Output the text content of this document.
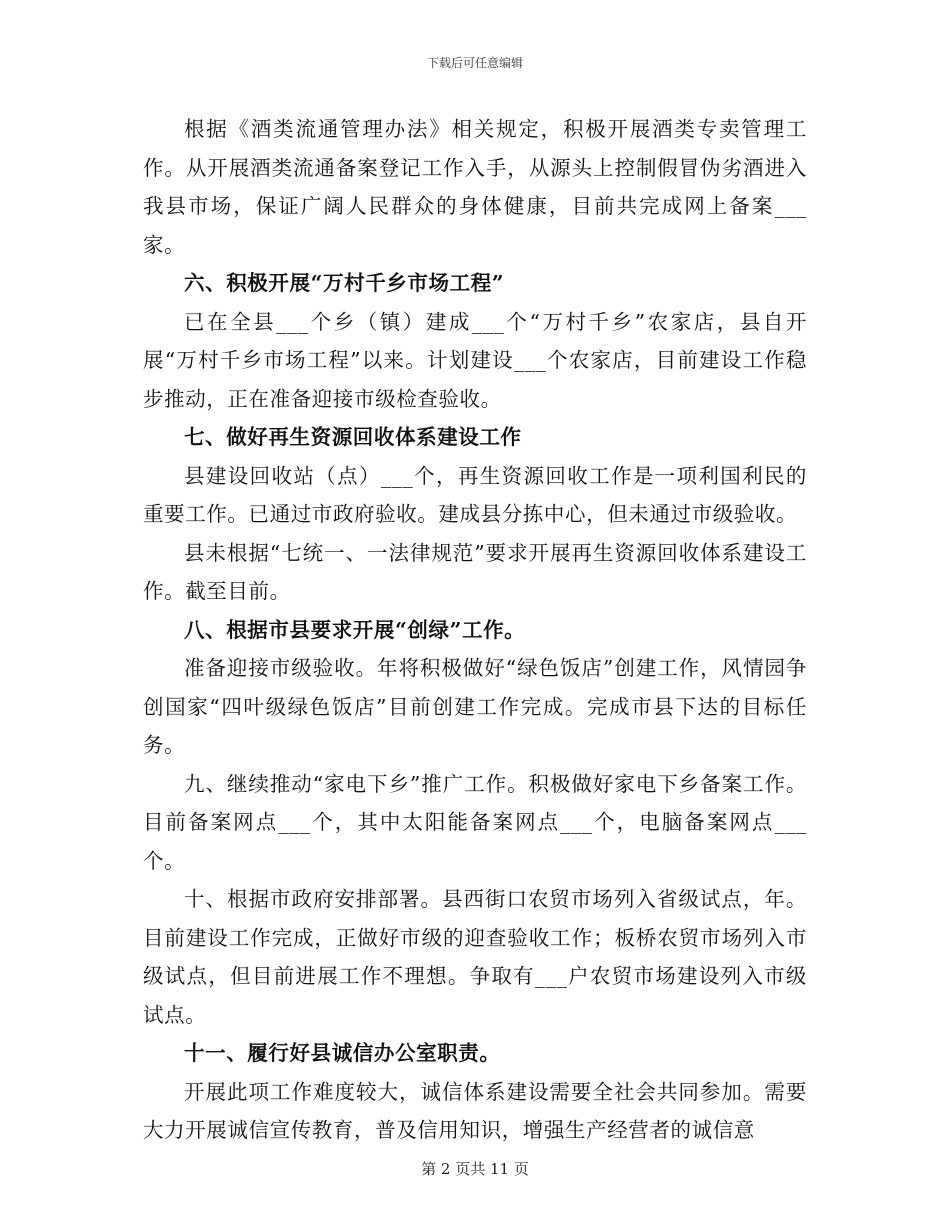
下载后可任意编辑

根据《酒类流通管理办法》相关规定，积极开展酒类专卖管理工作。从开展酒类流通备案登记工作入手，从源头上控制假冒伪劣酒进入我县市场，保证广阔人民群众的身体健康，目前共完成网上备案___家。

六、积极开展“万村千乡市场工程”

已在全县___个乡（镇）建成___个“万村千乡”农家店，县自开展“万村千乡市场工程”以来。计划建设___个农家店，目前建设工作稳步推动，正在准备迎接市级检查验收。

七、做好再生资源回收体系建设工作

县建设回收站（点）___个，再生资源回收工作是一项利国利民的重要工作。已通过市政府验收。建成县分拣中心，但未通过市级验收。

县未根据“七统一、一法律规范”要求开展再生资源回收体系建设工作。截至目前。

八、根据市县要求开展“创绿”工作。

准备迎接市级验收。年将积极做好“绿色饭店”创建工作，风情园争创国家“四叶级绿色饭店”目前创建工作完成。完成市县下达的目标任务。

九、继续推动“家电下乡”推广工作。积极做好家电下乡备案工作。目前备案网点___个，其中太阳能备案网点___个，电脑备案网点___个。

十、根据市政府安排部署。县西街口农贸市场列入省级试点，年。目前建设工作完成，正做好市级的迎查验收工作；板桥农贸市场列入市级试点，但目前进展工作不理想。争取有___户农贸市场建设列入市级试点。

十一、履行好县诚信办公室职责。

开展此项工作难度较大，诚信体系建设需要全社会共同参加。需要大力开展诚信宣传教育，普及信用知识，增强生产经营者的诚信意

第 2 页共 11 页
